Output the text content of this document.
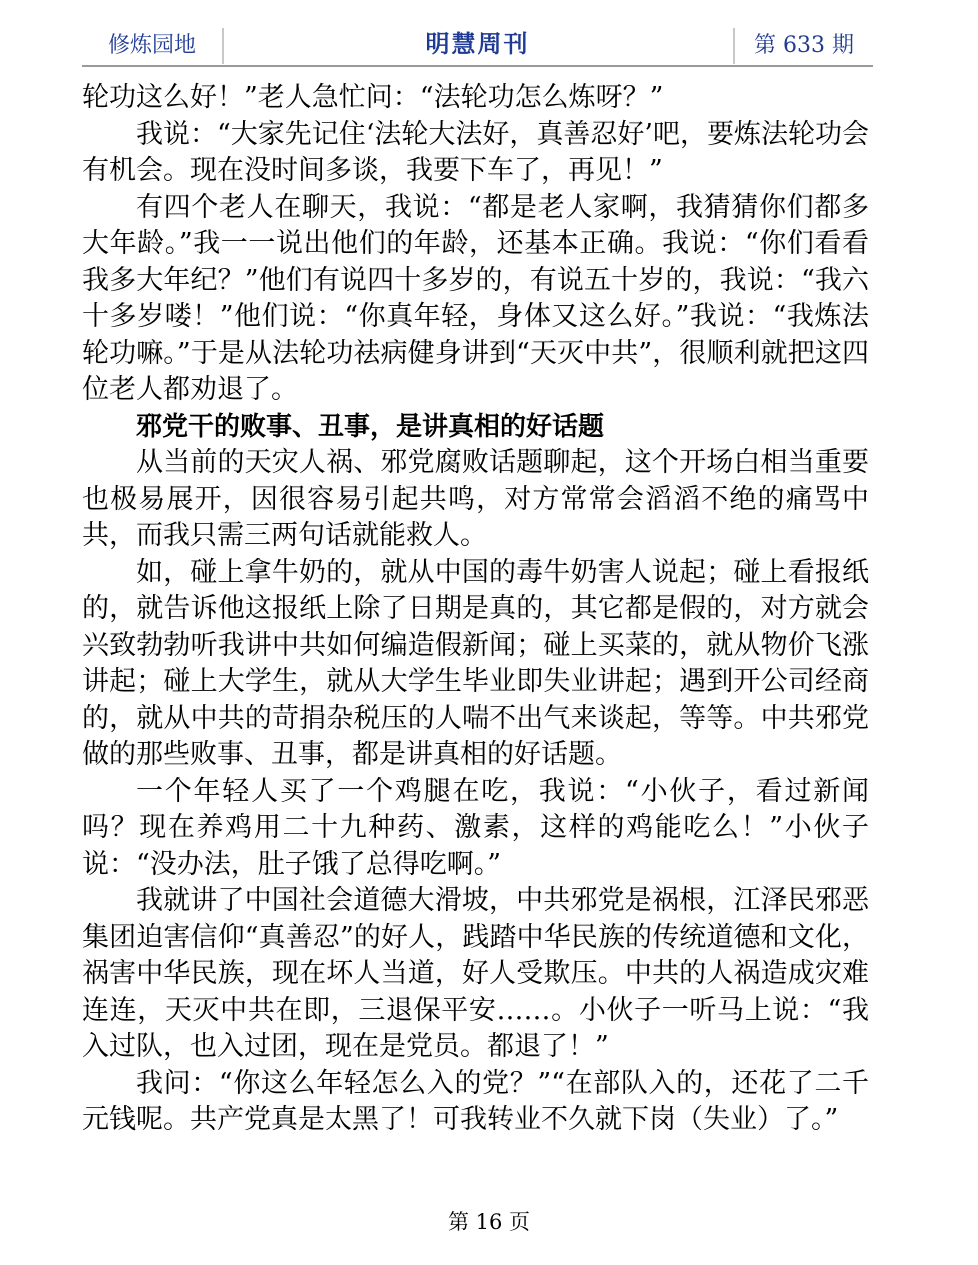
修炼园地	明慧周刊	第 633 期

轮功这么好！”老人急忙问：“法轮功怎么炼呀？”

我说：“大家先记住‘法轮大法好，真善忍好’吧，要炼法轮功会有机会。现在没时间多谈，我要下车了，再见！”

有四个老人在聊天，我说：“都是老人家啊，我猜猜你们都多大年龄。”我一一说出他们的年龄，还基本正确。我说：“你们看看我多大年纪？”他们有说四十多岁的，有说五十岁的，我说：“我六十多岁喽！”他们说：“你真年轻，身体又这么好。”我说：“我炼法轮功嘛。”于是从法轮功祛病健身讲到“天灭中共”，很顺利就把这四位老人都劝退了。

邪党干的败事、丑事，是讲真相的好话题

从当前的天灾人祸、邪党腐败话题聊起，这个开场白相当重要也极易展开，因很容易引起共鸣，对方常常会滔滔不绝的痛骂中共，而我只需三两句话就能救人。

如，碰上拿牛奶的，就从中国的毒牛奶害人说起；碰上看报纸的，就告诉他这报纸上除了日期是真的，其它都是假的，对方就会兴致勃勃听我讲中共如何编造假新闻；碰上买菜的，就从物价飞涨讲起；碰上大学生，就从大学生毕业即失业讲起；遇到开公司经商的，就从中共的苛捐杂税压的人喘不出气来谈起，等等。中共邪党做的那些败事、丑事，都是讲真相的好话题。

一个年轻人买了一个鸡腿在吃，我说：“小伙子，看过新闻吗？现在养鸡用二十九种药、激素，这样的鸡能吃么！”小伙子说：“没办法，肚子饿了总得吃啊。”

我就讲了中国社会道德大滑坡，中共邪党是祸根，江泽民邪恶集团迫害信仰“真善忍”的好人，践踏中华民族的传统道德和文化，祸害中华民族，现在坏人当道，好人受欺压。中共的人祸造成灾难连连，天灭中共在即，三退保平安……。小伙子一听马上说：“我入过队，也入过团，现在是党员。都退了！”

我问：“你这么年轻怎么入的党？”“在部队入的，还花了二千元钱呢。共产党真是太黑了！可我转业不久就下岗（失业）了。”

第 16 页
